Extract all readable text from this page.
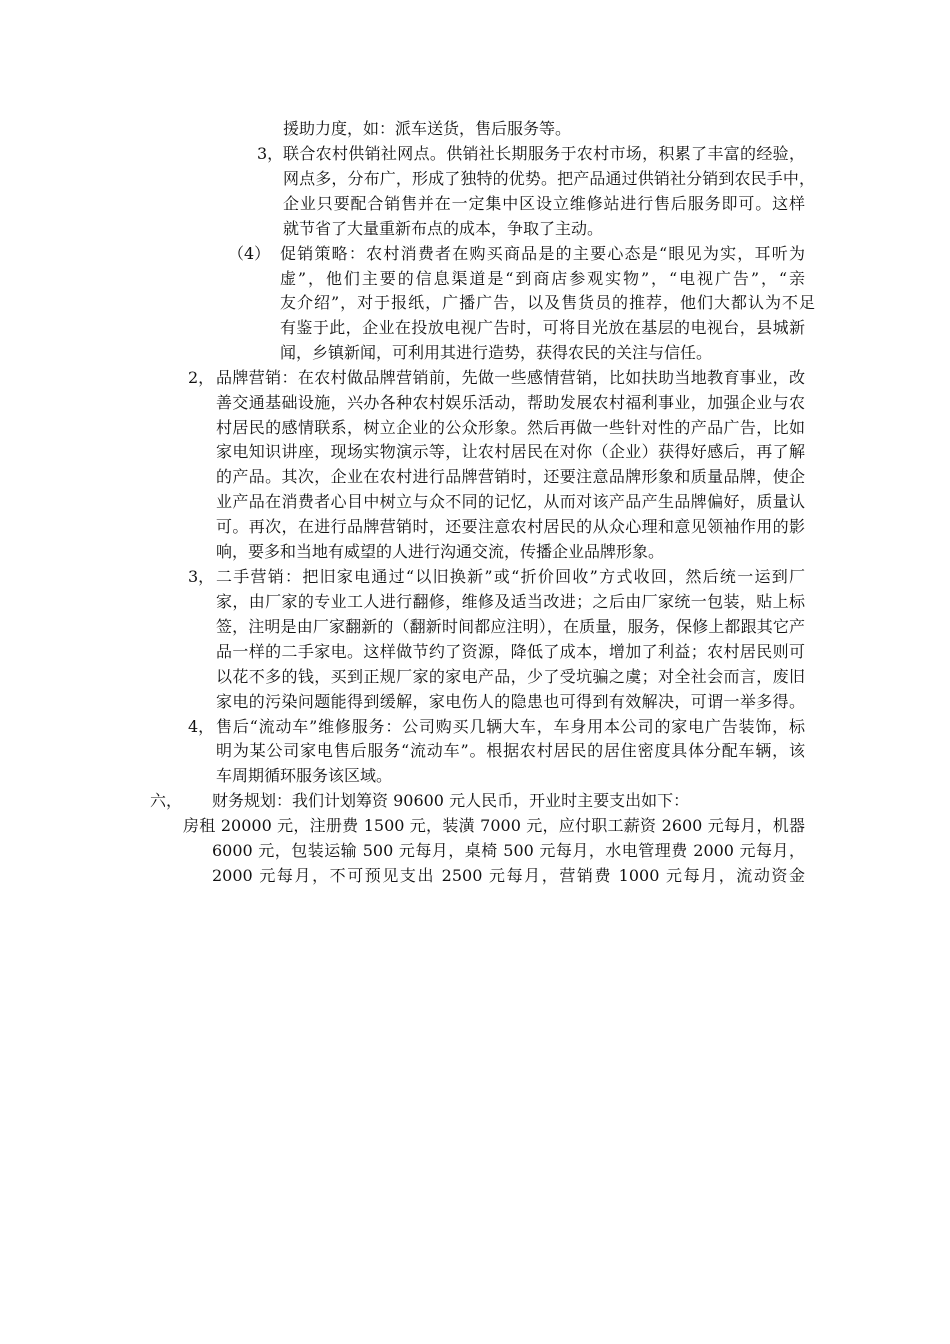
援助力度，如：派车送货，售后服务等。
3， 联合农村供销社网点。供销社长期服务于农村市场，积累了丰富的经验，
网点多，分布广，形成了独特的优势。把产品通过供销社分销到农民手中，
企业只要配合销售并在一定集中区设立维修站进行售后服务即可。这样
就节省了大量重新布点的成本，争取了主动。
（4） 促销策略：农村消费者在购买商品是的主要心态是“眼见为实，耳听为
虚”，他们主要的信息渠道是“到商店参观实物”，“电视广告”，“亲
友介绍”，对于报纸，广播广告，以及售货员的推荐，他们大都认为不足
有鉴于此，企业在投放电视广告时，可将目光放在基层的电视台，县城新
闻，乡镇新闻，可利用其进行造势，获得农民的关注与信任。
2， 品牌营销：在农村做品牌营销前，先做一些感情营销，比如扶助当地教育事业，改
善交通基础设施，兴办各种农村娱乐活动，帮助发展农村福利事业，加强企业与农
村居民的感情联系，树立企业的公众形象。然后再做一些针对性的产品广告，比如
家电知识讲座，现场实物演示等，让农村居民在对你（企业）获得好感后，再了解
的产品。其次，企业在农村进行品牌营销时，还要注意品牌形象和质量品牌，使企
业产品在消费者心目中树立与众不同的记忆，从而对该产品产生品牌偏好，质量认
可。再次，在进行品牌营销时，还要注意农村居民的从众心理和意见领袖作用的影
响，要多和当地有威望的人进行沟通交流，传播企业品牌形象。
3， 二手营销：把旧家电通过“以旧换新”或“折价回收”方式收回，然后统一运到厂
家，由厂家的专业工人进行翻修，维修及适当改进；之后由厂家统一包装，贴上标
签，注明是由厂家翻新的（翻新时间都应注明），在质量，服务，保修上都跟其它产
品一样的二手家电。这样做节约了资源，降低了成本，增加了利益；农村居民则可
以花不多的钱，买到正规厂家的家电产品，少了受坑骗之虞；对全社会而言，废旧
家电的污染问题能得到缓解，家电伤人的隐患也可得到有效解决，可谓一举多得。
4， 售后“流动车”维修服务：公司购买几辆大车，车身用本公司的家电广告装饰，标
明为某公司家电售后服务“流动车”。根据农村居民的居住密度具体分配车辆，该
车周期循环服务该区域。
六， 财务规划：我们计划筹资 90600 元人民币，开业时主要支出如下：
房租 20000 元，注册费 1500 元，装潢 7000 元，应付职工薪资 2600 元每月，机器
6000 元，包装运输 500 元每月，桌椅 500 元每月，水电管理费 2000 元每月，
2000 元每月，不可预见支出 2500 元每月，营销费 1000 元每月，流动资金
